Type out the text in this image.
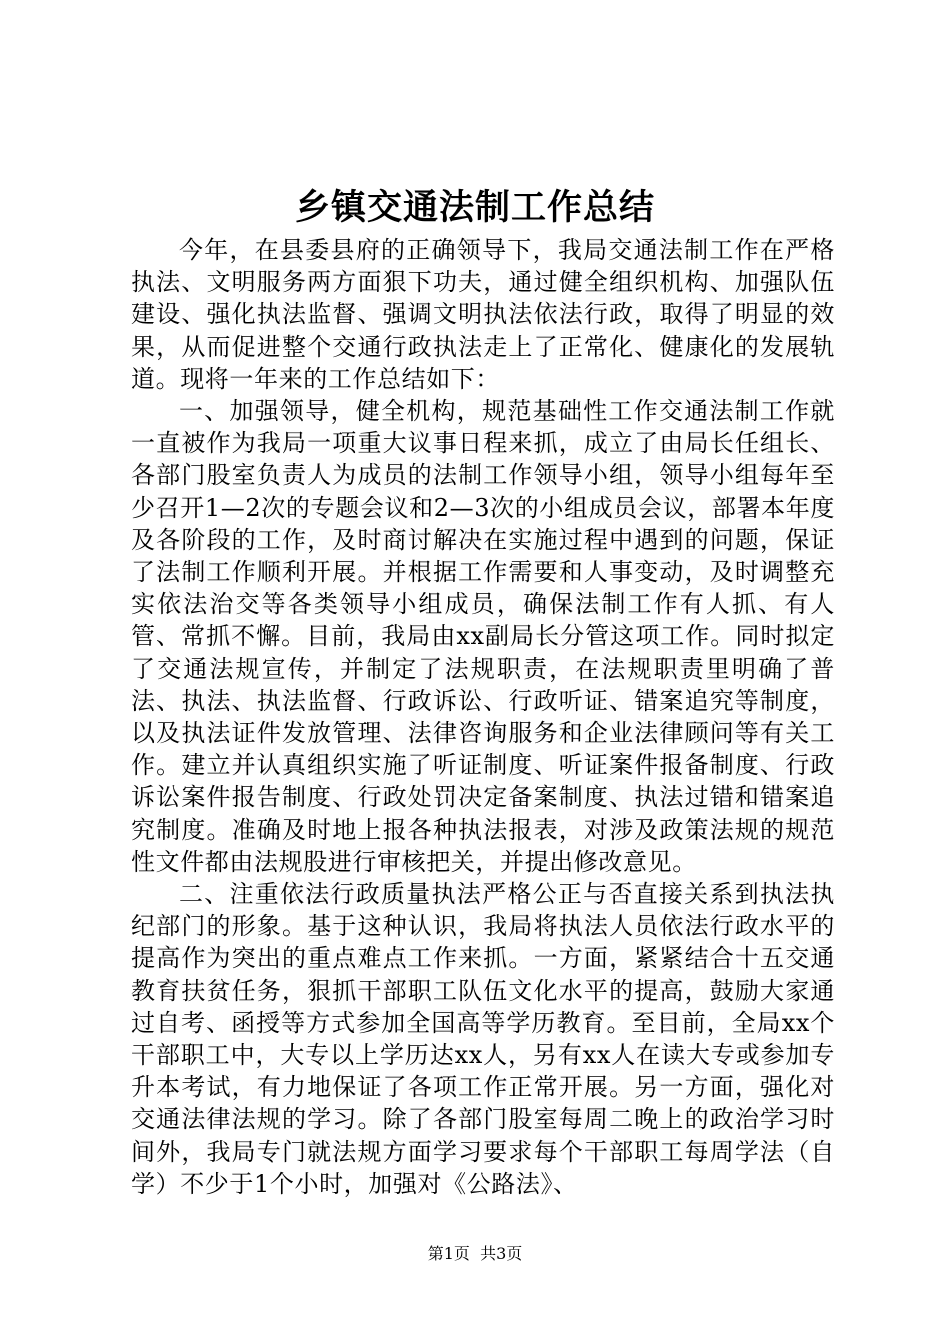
乡镇交通法制工作总结

今年，在县委县府的正确领导下，我局交通法制工作在严格执法、文明服务两方面狠下功夫，通过健全组织机构、加强队伍建设、强化执法监督、强调文明执法依法行政，取得了明显的效果，从而促进整个交通行政执法走上了正常化、健康化的发展轨道。现将一年来的工作总结如下：

一、加强领导，健全机构，规范基础性工作交通法制工作就一直被作为我局一项重大议事日程来抓，成立了由局长任组长、各部门股室负责人为成员的法制工作领导小组，领导小组每年至少召开1—2次的专题会议和2—3次的小组成员会议，部署本年度及各阶段的工作，及时商讨解决在实施过程中遇到的问题，保证了法制工作顺利开展。并根据工作需要和人事变动，及时调整充实依法治交等各类领导小组成员，确保法制工作有人抓、有人管、常抓不懈。目前，我局由xx副局长分管这项工作。同时拟定了交通法规宣传，并制定了法规职责，在法规职责里明确了普法、执法、执法监督、行政诉讼、行政听证、错案追究等制度，以及执法证件发放管理、法律咨询服务和企业法律顾问等有关工作。建立并认真组织实施了听证制度、听证案件报备制度、行政诉讼案件报告制度、行政处罚决定备案制度、执法过错和错案追究制度。准确及时地上报各种执法报表，对涉及政策法规的规范性文件都由法规股进行审核把关，并提出修改意见。

二、注重依法行政质量执法严格公正与否直接关系到执法执纪部门的形象。基于这种认识，我局将执法人员依法行政水平的提高作为突出的重点难点工作来抓。一方面，紧紧结合十五交通教育扶贫任务，狠抓干部职工队伍文化水平的提高，鼓励大家通过自考、函授等方式参加全国高等学历教育。至目前，全局xx个干部职工中，大专以上学历达xx人，另有xx人在读大专或参加专升本考试，有力地保证了各项工作正常开展。另一方面，强化对交通法律法规的学习。除了各部门股室每周二晚上的政治学习时间外，我局专门就法规方面学习要求每个干部职工每周学法（自学）不少于1个小时，加强对《公路法》、

第1页 共3页
